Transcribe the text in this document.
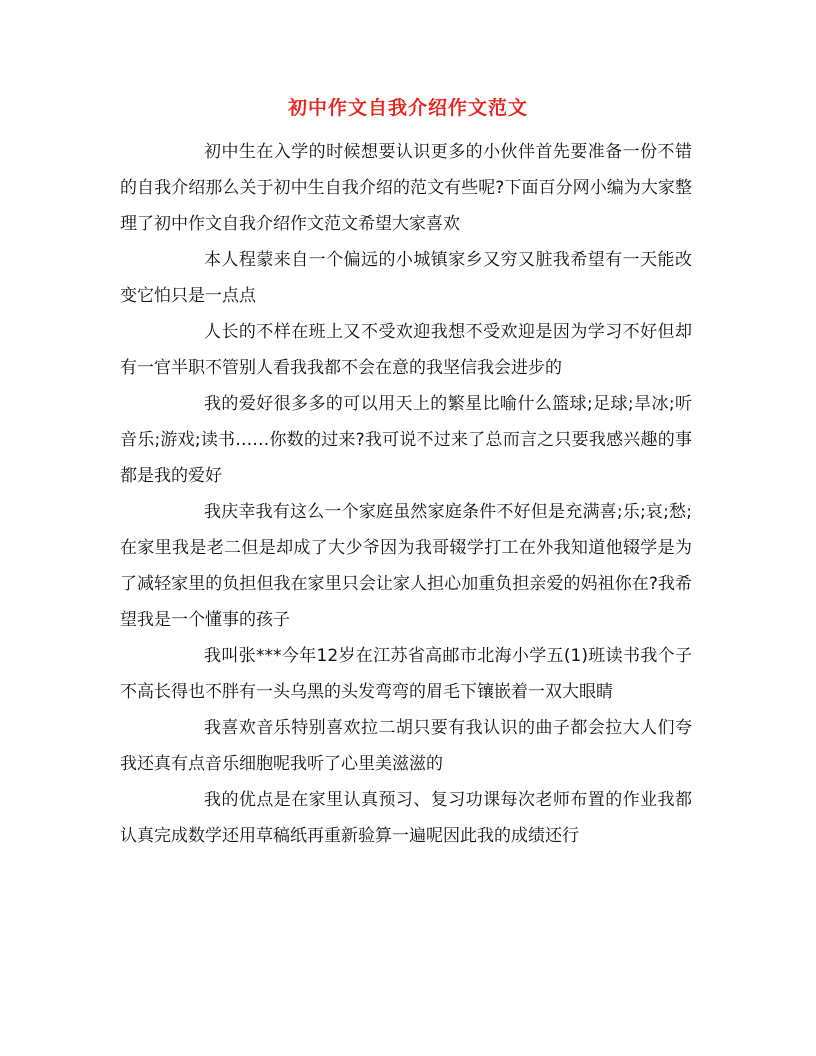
初中作文自我介绍作文范文

初中生在入学的时候想要认识更多的小伙伴首先要准备一份不错的自我介绍那么关于初中生自我介绍的范文有些呢?下面百分网小编为大家整理了初中作文自我介绍作文范文希望大家喜欢

本人程蒙来自一个偏远的小城镇家乡又穷又脏我希望有一天能改变它怕只是一点点

人长的不样在班上又不受欢迎我想不受欢迎是因为学习不好但却有一官半职不管别人看我我都不会在意的我坚信我会进步的

我的爱好很多多的可以用天上的繁星比喻什么篮球;足球;旱冰;听音乐;游戏;读书……你数的过来?我可说不过来了总而言之只要我感兴趣的事都是我的爱好

我庆幸我有这么一个家庭虽然家庭条件不好但是充满喜;乐;哀;愁;在家里我是老二但是却成了大少爷因为我哥辍学打工在外我知道他辍学是为了减轻家里的负担但我在家里只会让家人担心加重负担亲爱的妈祖你在?我希望我是一个懂事的孩子

我叫张***今年12岁在江苏省高邮市北海小学五(1)班读书我个子不高长得也不胖有一头乌黑的头发弯弯的眉毛下镶嵌着一双大眼睛

我喜欢音乐特别喜欢拉二胡只要有我认识的曲子都会拉大人们夸我还真有点音乐细胞呢我听了心里美滋滋的

我的优点是在家里认真预习、复习功课每次老师布置的作业我都认真完成数学还用草稿纸再重新验算一遍呢因此我的成绩还行
